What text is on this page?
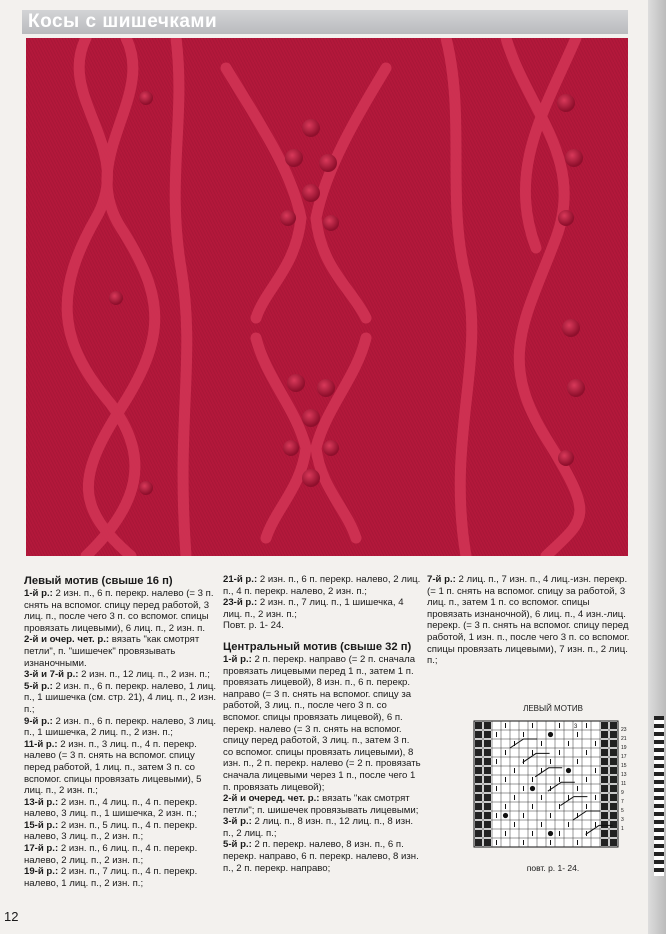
Косы с шишечками

Левый мотив (свыше 16 п)

1-й р.: 2 изн. п., 6 п. перекр. налево (= 3 п. снять на вспомог. спицу перед работой, 3 лиц. п., после чего 3 п. со вспомог. спицы провязать лицевыми), 6 лиц. п., 2 изн. п.

2-й и очер. чет. р.: вязать "как смотрят петли", п. "шишечек" провязывать изнаночными.

3-й и 7-й р.: 2 изн. п., 12 лиц. п., 2 изн. п.;

5-й р.: 2 изн. п., 6 п. перекр. налево, 1 лиц. п., 1 шишечка (см. стр. 21), 4 лиц. п., 2 изн. п.;

9-й р.: 2 изн. п., 6 п. перекр. налево, 3 лиц. п., 1 шишечка, 2 лиц. п., 2 изн. п.;

11-й р.: 2 изн. п., 3 лиц. п., 4 п. перекр. налево (= 3 п. снять на вспомог. спицу перед работой, 1 лиц. п., затем 3 п. со вспомог. спицы провязать лицевыми), 5 лиц. п., 2 изн. п.;

13-й р.: 2 изн. п., 4 лиц. п., 4 п. перекр. налево, 3 лиц. п., 1 шишечка, 2 изн. п.;

15-й р.: 2 изн. п., 5 лиц. п., 4 п. перекр. налево, 3 лиц. п., 2 изн. п.;

17-й р.: 2 изн. п., 6 лиц. п., 4 п. перекр. налево, 2 лиц. п., 2 изн. п.;

19-й р.: 2 изн. п., 7 лиц. п., 4 п. перекр. налево, 1 лиц. п., 2 изн. п.;

21-й р.: 2 изн. п., 6 п. перекр. налево, 2 лиц. п., 4 п. перекр. налево, 2 изн. п.;

23-й р.: 2 изн. п., 7 лиц. п., 1 шишечка, 4 лиц. п., 2 изн. п.;

Повт. р. 1- 24.

Центральный мотив (свыше 32 п)

1-й р.: 2 п. перекр. направо (= 2 п. сначала провязать лицевыми перед 1 п., затем 1 п. провязать лицевой), 8 изн. п., 6 п. перекр. направо (= 3 п. снять на вспомог. спицу за работой, 3 лиц. п., после чего 3 п. со вспомог. спицы провязать лицевой), 6 п. перекр. налево (= 3 п. снять на вспомог. спицу перед работой, 3 лиц. п., затем 3 п. со вспомог. спицы провязать лицевыми), 8 изн. п., 2 п. перекр. налево (= 2 п. провязать сначала лицевыми через 1 п., после чего 1 п. провязать лицевой);

2-й и очеред. чет. р.: вязать "как смотрят петли"; п. шишечек провязывать лицевыми;

3-й р.: 2 лиц. п., 8 изн. п., 12 лиц. п., 8 изн. п., 2 лиц. п.;

5-й р.: 2 п. перекр. налево, 8 изн. п., 6 п. перекр. направо, 6 п. перекр. налево, 8 изн. п., 2 п. перекр. направо;

7-й р.: 2 лиц. п., 7 изн. п., 4 лиц.-изн. перекр. (= 1 п. снять на вспомог. спицу за работой, 3 лиц. п., затем 1 п. со вспомог. спицы провязать изнаночной), 6 лиц. п., 4 изн.-лиц. перекр. (= 3 п. снять на вспомог. спицу перед работой, 1 изн. п., после чего 3 п. со вспомог. спицы провязать лицевыми), 7 изн. п., 2 лиц. п.;

ЛЕВЫЙ МОТИВ
23
21
19
17
15
13
11
9
7
5
3
1
3
повт. р. 1- 24.
12
